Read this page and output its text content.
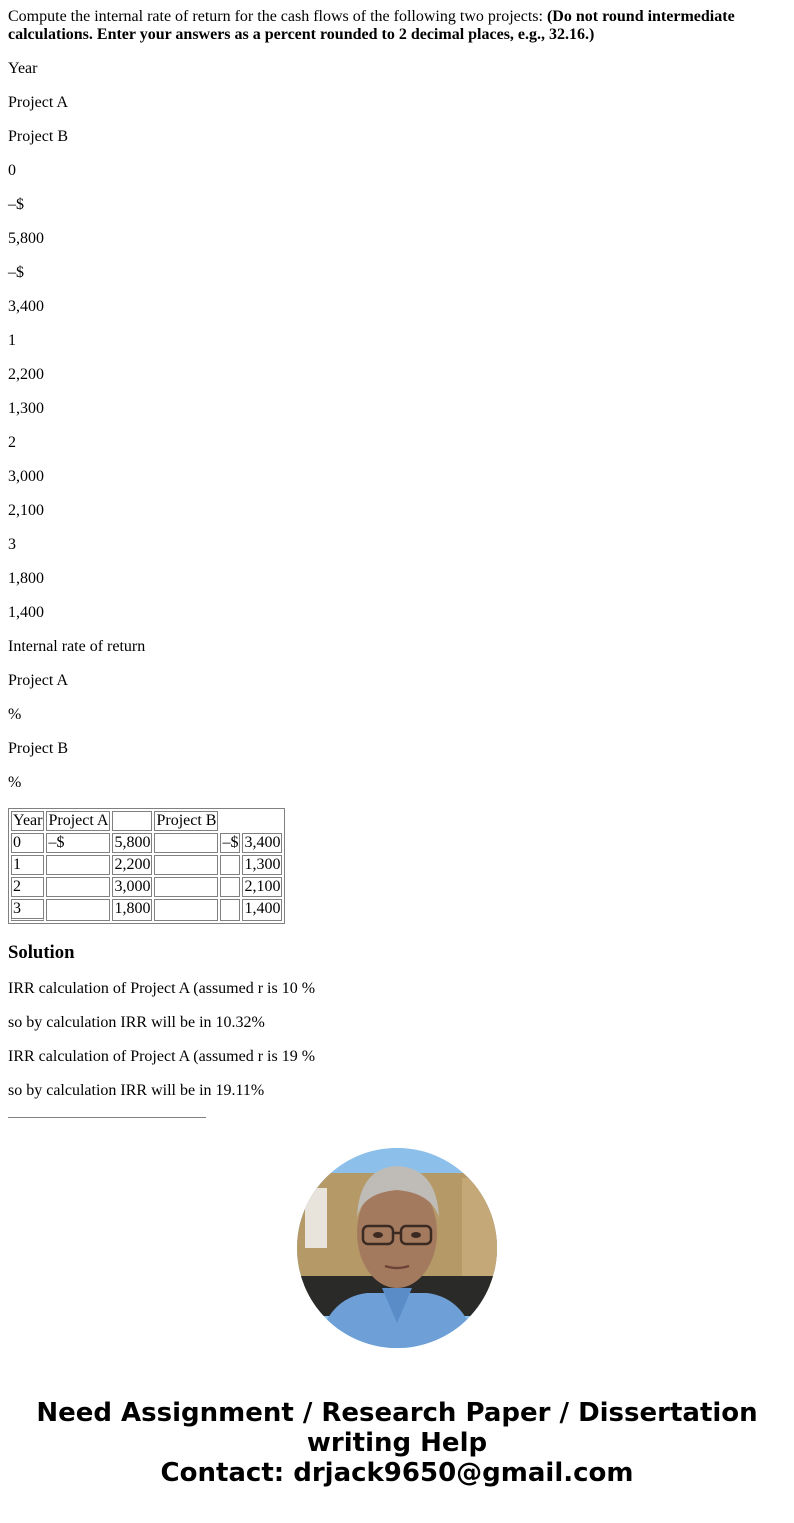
Compute the internal rate of return for the cash flows of the following two projects: (Do not round intermediate calculations. Enter your answers as a percent rounded to 2 decimal places, e.g., 32.16.)

Year

Project A

Project B

0

–$

5,800

–$

3,400

1

2,200

1,300

2

3,000

2,100

3

1,800

1,400

Internal rate of return

Project A

%

Project B

%

Year	Project A		Project B		
0	–$	5,800		–$	3,400
1		2,200			1,300
2		3,000			2,100
3		1,800			1,400
Solution

IRR calculation of Project A (assumed r is 10 %

so by calculation IRR will be in 10.32%

IRR calculation of Project A (assumed r is 19 %

so by calculation IRR will be in 19.11%

Need Assignment / Research Paper / Dissertation
writing Help
Contact: drjack9650@gmail.com
